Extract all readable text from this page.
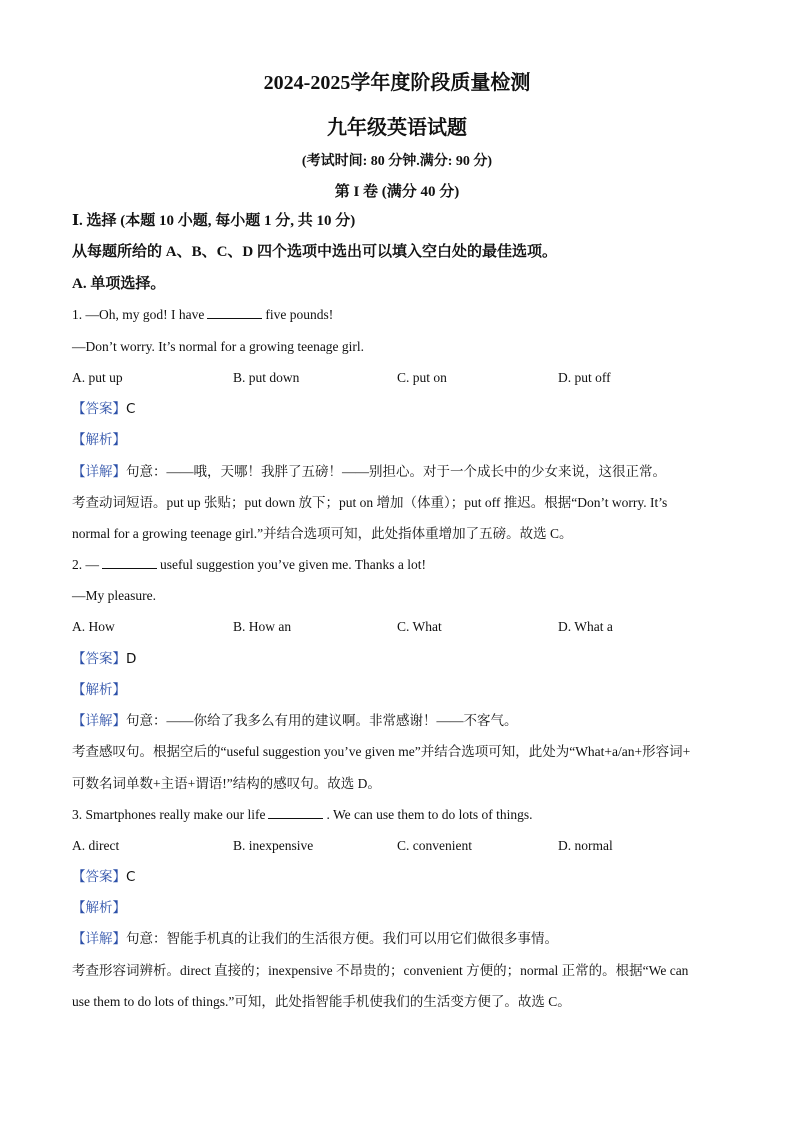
2024-2025学年度阶段质量检测
九年级英语试题
(考试时间: 80 分钟.满分: 90 分)
第 I 卷 (满分 40 分)
Ⅰ. 选择 (本题 10 小题, 每小题 1 分, 共 10 分)
从每题所给的 A、B、C、D 四个选项中选出可以填入空白处的最佳选项。
A. 单项选择。
1. —Oh, my god! I have	five pounds!
—Don’t worry. It’s normal for a growing teenage girl.
A. put up	B. put down	C. put on	D. put off
【答案】C
【解析】
【详解】句意：——哦，天哪！我胖了五磅！——别担心。对于一个成长中的少女来说，这很正常。
考查动词短语。put up 张贴；put down 放下；put on 增加（体重）；put off 推迟。根据“Don’t worry. It’s
normal for a growing teenage girl.”并结合选项可知，此处指体重增加了五磅。故选 C。
2. —	useful suggestion you’ve given me. Thanks a lot!
—My pleasure.
A. How	B. How an	C. What	D. What a
【答案】D
【解析】
【详解】句意：——你给了我多么有用的建议啊。非常感谢！——不客气。
考查感叹句。根据空后的“useful suggestion you’ve given me”并结合选项可知，此处为“What+a/an+形容词+
可数名词单数+主语+谓语!”结构的感叹句。故选 D。
3. Smartphones really make our life	. We can use them to do lots of things.
A. direct	B. inexpensive	C. convenient	D. normal
【答案】C
【解析】
【详解】句意：智能手机真的让我们的生活很方便。我们可以用它们做很多事情。
考查形容词辨析。direct 直接的；inexpensive 不昂贵的；convenient 方便的；normal 正常的。根据“We can
use them to do lots of things.”可知，此处指智能手机使我们的生活变方便了。故选 C。
